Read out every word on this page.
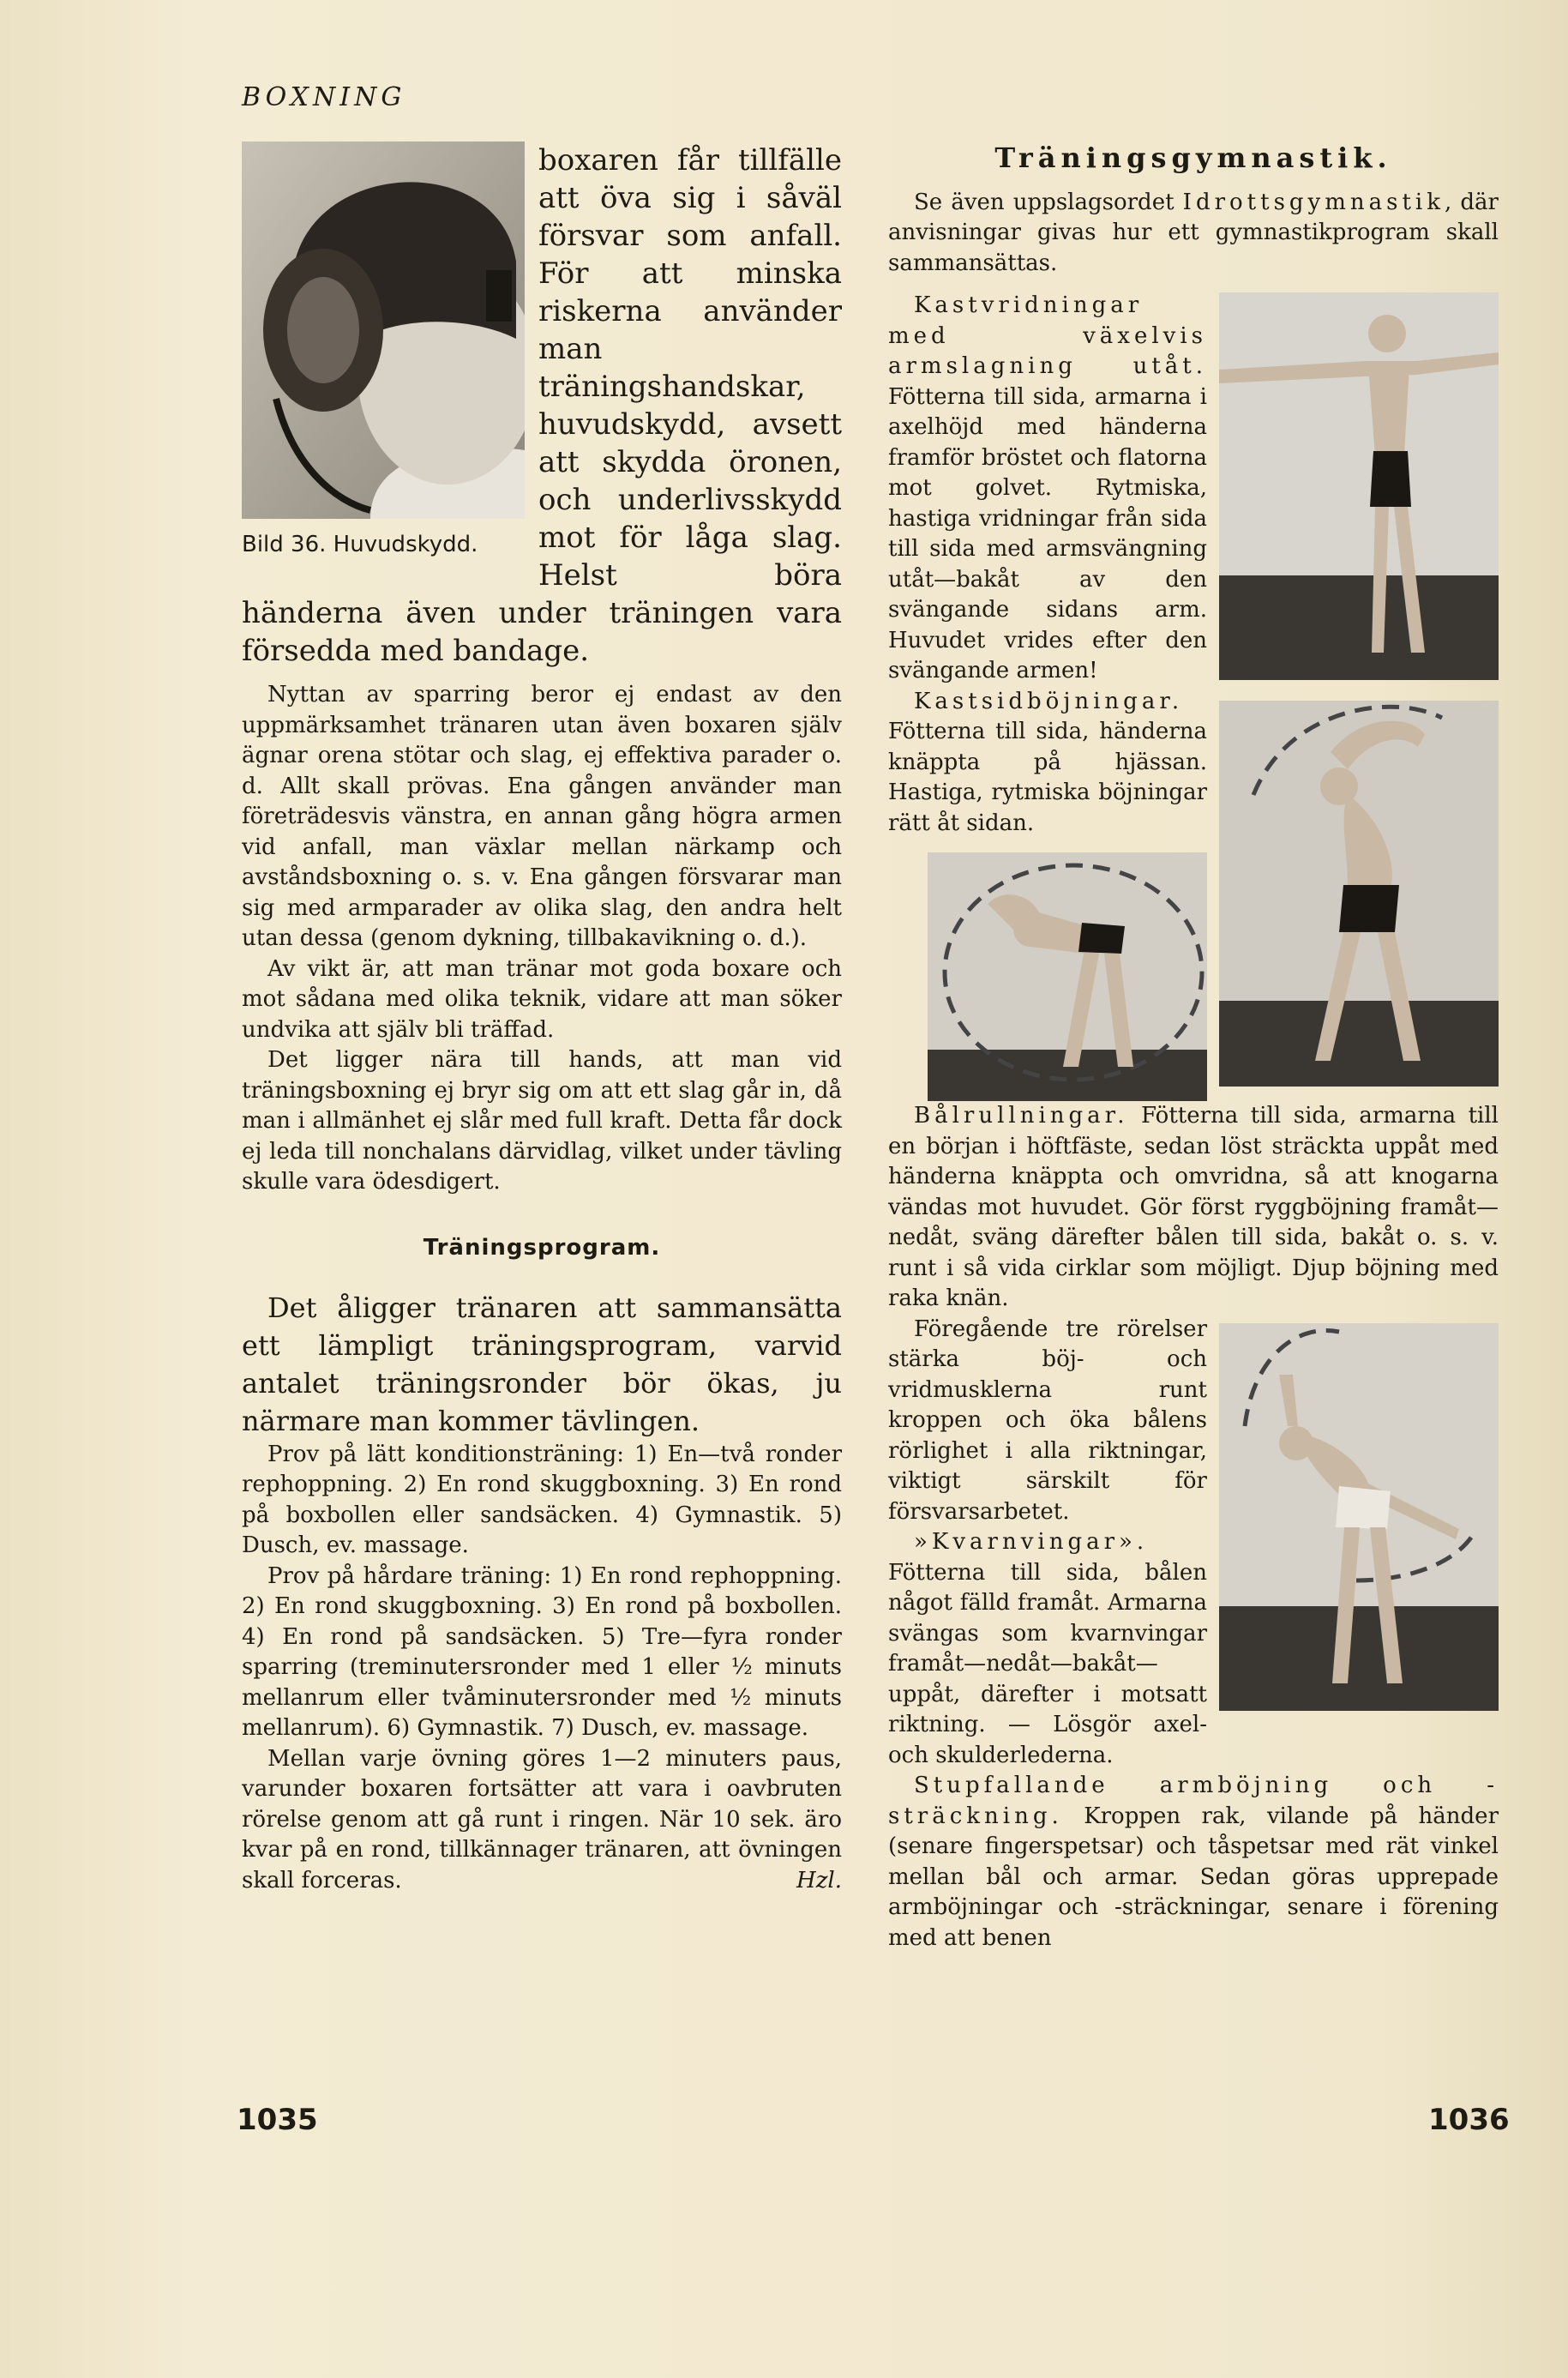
BOXNING
Bild 36. Huvudskydd.

boxaren får tillfälle att öva sig i såväl försvar som anfall. För att minska riskerna använder man träningshandskar, huvudskydd, avsett att skydda öronen, och underlivsskydd mot för låga slag. Helst böra händerna även under träningen vara försedda med bandage.

Nyttan av sparring beror ej endast av den uppmärksamhet tränaren utan även boxaren själv ägnar orena stötar och slag, ej effektiva parader o. d. Allt skall prövas. Ena gången använder man företrädesvis vänstra, en annan gång högra armen vid anfall, man växlar mellan närkamp och avståndsboxning o. s. v. Ena gången försvarar man sig med armparader av olika slag, den andra helt utan dessa (genom dykning, tillbakavikning o. d.).

Av vikt är, att man tränar mot goda boxare och mot sådana med olika teknik, vidare att man söker undvika att själv bli träffad.

Det ligger nära till hands, att man vid träningsboxning ej bryr sig om att ett slag går in, då man i allmänhet ej slår med full kraft. Detta får dock ej leda till nonchalans därvidlag, vilket under tävling skulle vara ödesdigert.

Träningsprogram.

Det åligger tränaren att sammansätta ett lämpligt träningsprogram, varvid antalet träningsronder bör ökas, ju närmare man kommer tävlingen.

Prov på lätt konditionsträning: 1) En—två ronder rephoppning. 2) En rond skuggboxning. 3) En rond på boxbollen eller sandsäcken. 4) Gymnastik. 5) Dusch, ev. massage.

Prov på hårdare träning: 1) En rond rephoppning. 2) En rond skuggboxning. 3) En rond på boxbollen. 4) En rond på sandsäcken. 5) Tre—fyra ronder sparring (treminutersronder med 1 eller ½ minuts mellanrum eller tvåminutersronder med ½ minuts mellanrum). 6) Gymnastik. 7) Dusch, ev. massage.

Mellan varje övning göres 1—2 minuters paus, varunder boxaren fortsätter att vara i oavbruten rörelse genom att gå runt i ringen. När 10 sek. äro kvar på en rond, tillkännager tränaren, att övningen skall forceras.	Hzl.

1035
Träningsgymnastik.

Se även uppslagsordet Idrottsgymnastik, där anvisningar givas hur ett gymnastikprogram skall sammansättas.

Kastvridningar med växelvis armslagning utåt. Fötterna till sida, armarna i axelhöjd med händerna framför bröstet och flatorna mot golvet. Rytmiska, hastiga vridningar från sida till sida med armsvängning utåt—bakåt av den svängande sidans arm. Huvudet vrides efter den svängande armen!

Kastsidböjningar. Fötterna till sida, händerna knäppta på hjässan. Hastiga, rytmiska böjningar rätt åt sidan.

Bålrullningar. Fötterna till sida, armarna till en början i höftfäste, sedan löst sträckta uppåt med händerna knäppta och omvridna, så att knogarna vändas mot huvudet. Gör först ryggböjning framåt—nedåt, sväng därefter bålen till sida, bakåt o. s. v. runt i så vida cirklar som möjligt. Djup böjning med raka knän.

Föregående tre rörelser stärka böj- och vridmusklerna runt kroppen och öka bålens rörlighet i alla riktningar, viktigt särskilt för försvarsarbetet.

»Kvarnvingar». Fötterna till sida, bålen något fälld framåt. Armarna svängas som kvarnvingar framåt—nedåt—bakåt—uppåt, därefter i motsatt riktning. — Lösgör axel- och skulderlederna.

Stupfallande armböjning och -sträckning. Kroppen rak, vilande på händer (senare fingerspetsar) och tåspetsar med rät vinkel mellan bål och armar. Sedan göras upprepade armböjningar och -sträckningar, senare i förening med att benen

1036
